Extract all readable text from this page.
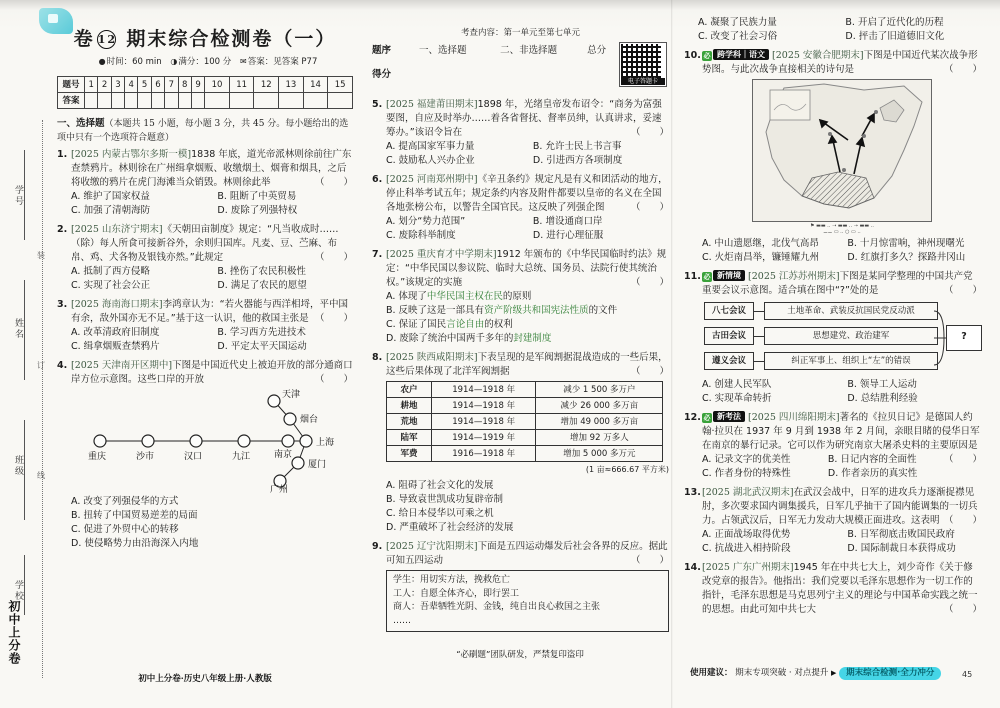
学号
姓名
班级
学校
装
订
线
初中上分卷
卷 12 期末综合检测卷（一）
●时间：60 min ◑满分：100 分 ✉答案：见答案 P77
题号	1	2	3	4	5	6	7	8	9	10	11	12	13	14	15
答案															
一、选择题（本题共 15 小题，每小题 3 分，共 45 分。每小题给出的选项中只有一个选项符合题意）
1. [2025 内蒙古鄂尔多斯一模]1838 年底，道光帝派林则徐前往广东查禁鸦片。林则徐在广州缉拿烟贩、收缴烟土、烟膏和烟具，之后将收缴的鸦片在虎门海滩当众销毁。林则徐此举	（　　）
A. 维护了国家权益	B. 阻断了中英贸易
C. 加强了清朝海防	D. 废除了列强特权
2. [2025 山东济宁期末]《天朝田亩制度》规定：“凡当收成时……（除）每人所食可接新谷外，余则归国库。凡麦、豆、苎麻、布帛、鸡、犬各物及银钱亦然。”此规定	（　　）
A. 抵制了西方侵略	B. 挫伤了农民积极性
C. 实现了社会公正	D. 满足了农民的愿望
3. [2025 海南海口期末]李鸿章认为：“若火器能与西洋相埒，平中国有余，敌外国亦无不足。”基于这一认识，他的救国主张是 （　　）
A. 改革清政府旧制度	B. 学习西方先进技术
C. 缉拿烟贩查禁鸦片	D. 平定太平天国运动
4. [2025 天津南开区期中]下图是中国近代史上被迫开放的部分通商口岸方位示意图。这些口岸的开放	（　　）
重庆	沙市	汉口	九江	南京
天津
烟台
上海
厦门
广州
A. 改变了列强侵华的方式
B. 扭转了中国贸易逆差的局面
C. 促进了外贸中心的转移
D. 使侵略势力由沿海深入内地
考查内容：第一单元至第七单元
题序	一、选择题	二、非选择题	总分
得分
电子答题卡
5. [2025 福建莆田期末]1898 年，光绪皇帝发布诏令：“商务为富强要图，自应及时举办……着各省督抚、督率员绅，认真讲求，妥速筹办。”该诏令旨在	（　　）
A. 提高国家军事力量	B. 允许士民上书言事
C. 鼓励私人兴办企业	D. 引进西方各项制度
6. [2025 河南郑州期中]《辛丑条约》规定凡是有义和团活动的地方，停止科举考试五年；规定条约内容及附件都要以皇帝的名义在全国各地张榜公布，以警告全国官民。这反映了列强企图	（　　）
A. 划分“势力范围”	B. 增设通商口岸
C. 废除科举制度	D. 进行心理征服
7. [2025 重庆育才中学期末]1912 年颁布的《中华民国临时约法》规定：“中华民国以参议院、临时大总统、国务员、法院行使其统治权。”该规定的实施	（　　）
A. 体现了中华民国主权在民的原则
B. 反映了这是一部具有资产阶级共和国宪法性质的文件
C. 保证了国民言论自由的权利
D. 废除了统治中国两千多年的封建制度
8. [2025 陕西咸阳期末]下表呈现的是军阀割据混战造成的一些后果，这些后果体现了北洋军阀割据	（　　）
农户	1914—1918 年	减少 1 500 多万户
耕地	1914—1918 年	减少 26 000 多万亩
荒地	1914—1918 年	增加 49 000 多万亩
陆军	1914—1919 年	增加 92 万多人
军费	1916—1918 年	增加 5 000 多万元
(1 亩≈666.67 平方米)
A. 阻碍了社会文化的发展
B. 导致袁世凯成功复辟帝制
C. 给日本侵华以可乘之机
D. 严重破坏了社会经济的发展
9. [2025 辽宁沈阳期末]下面是五四运动爆发后社会各界的反应。据此可知五四运动	（　　）
学生：用切实方法，挽救危亡
工人：自愿全体齐心，即行罢工
商人：吾辈牺牲光阴、金钱，纯自出良心救国之主张
……
A. 凝聚了民族力量	B. 开启了近代化的历程
C. 改变了社会习俗	D. 抨击了旧道德旧文化
10. 必 跨学科｜语文 [2025 安徽合肥期末]下图是中国近代某次战争形势图。与此次战争直接相关的诗句是	（　　）
⚑ ▬▬ ‥ ➝ ▬▬ ‥ ➝ ▬▬ ‥
⚊⚊ ▭ ‥ ○ ▭ ‥
A. 中山遗愿继，北伐气高昂	B. 十月惊雷响，神州现曙光
C. 火炬南昌举，镰锤耀九州	D. 红旗打多久？探路井冈山
11. 必 新情境 [2025 江苏苏州期末]下图是某同学整理的中国共产党重要会议示意图。适合填在图中“?”处的是	（　　）
八七会议	土地革命、武装反抗国民党反动派
古田会议	思想建党、政治建军
遵义会议	纠正军事上、组织上“左”的错误
?
A. 创建人民军队	B. 领导工人运动
C. 实现革命转折	D. 总结胜利经验
12. 必 新考法 [2025 四川绵阳期末]著名的《拉贝日记》是德国人约翰·拉贝在 1937 年 9 月到 1938 年 2 月间，亲眼目睹的侵华日军在南京的暴行记录。它可以作为研究南京大屠杀史料的主要原因是
（　　）
A. 记录文字的优美性	B. 日记内容的全面性
C. 作者身份的特殊性	D. 作者亲历的真实性
13. [2025 湖北武汉期末]在武汉会战中，日军的进攻兵力逐渐捉襟见肘，多次要求国内调集援兵，日军几乎抽干了国内能调集的一切兵力。占领武汉后，日军无力发动大规模正面进攻。这表明 （　　）
A. 正面战场取得优势	B. 日军彻底击败国民政府
C. 抗战进入相持阶段	D. 国际制裁日本获得成功
14. [2025 广东广州期末]1945 年在中共七大上，刘少奇作《关于修改党章的报告》。他指出：我们党要以毛泽东思想作为一切工作的指针，毛泽东思想是马克思列宁主义的理论与中国革命实践之统一的思想。由此可知中共七大	（　　）
初中上分卷·历史八年级上册·人教版
“必刷题”团队研发，严禁复印盗印
使用建议： 期末专项突破 · 对点提升 ▶ 期末综合检测·全力冲分	45
